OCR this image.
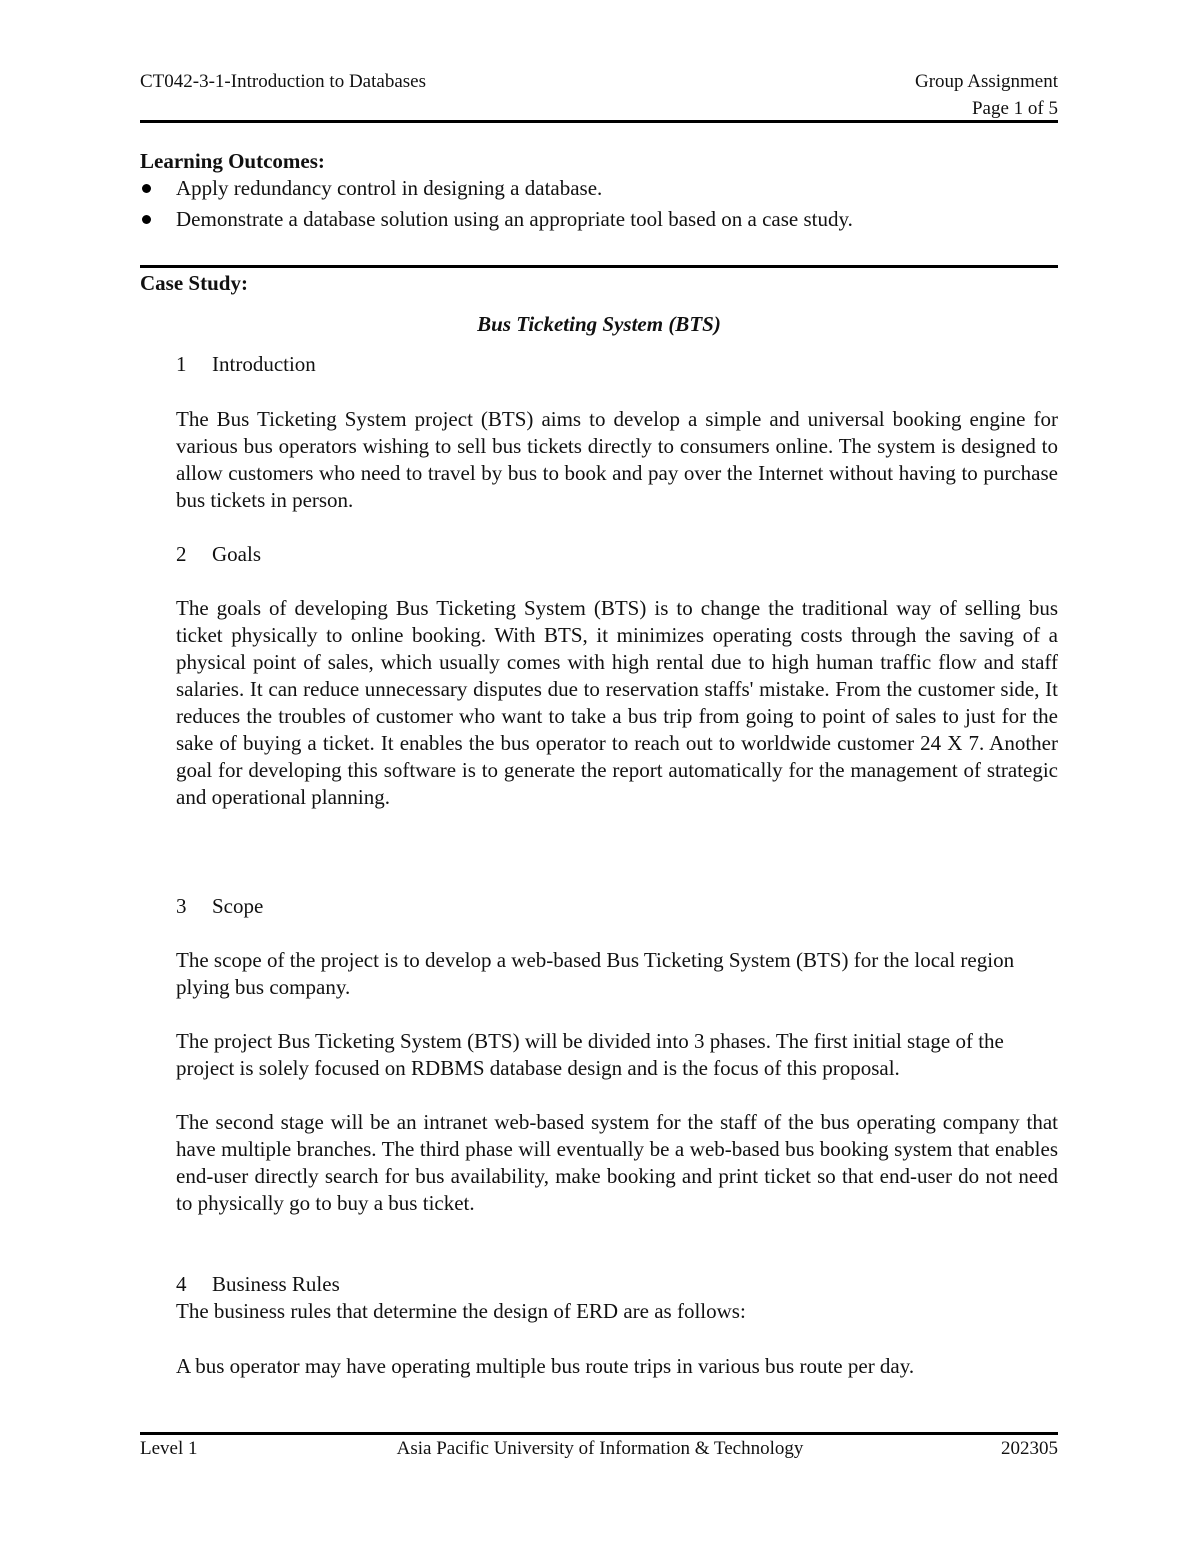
CT042-3-1-Introduction to Databases	Group Assignment
Page 1 of 5
Learning Outcomes:
Apply redundancy control in designing a database.
Demonstrate a database solution using an appropriate tool based on a case study.
Case Study:
Bus Ticketing System (BTS)
1 Introduction

The Bus Ticketing System project (BTS) aims to develop a simple and universal booking engine for various bus operators wishing to sell bus tickets directly to consumers online. The system is designed to allow customers who need to travel by bus to book and pay over the Internet without having to purchase bus tickets in person.

2 Goals

The goals of developing Bus Ticketing System (BTS) is to change the traditional way of selling bus ticket physically to online booking. With BTS, it minimizes operating costs through the saving of a physical point of sales, which usually comes with high rental due to high human traffic flow and staff salaries. It can reduce unnecessary disputes due to reservation staffs' mistake. From the customer side, It reduces the troubles of customer who want to take a bus trip from going to point of sales to just for the sake of buying a ticket. It enables the bus operator to reach out to worldwide customer 24 X 7. Another goal for developing this software is to generate the report automatically for the management of strategic and operational planning.

3 Scope

The scope of the project is to develop a web-based Bus Ticketing System (BTS) for the local region plying bus company.

The project Bus Ticketing System (BTS) will be divided into 3 phases. The first initial stage of the project is solely focused on RDBMS database design and is the focus of this proposal.

The second stage will be an intranet web-based system for the staff of the bus operating company that have multiple branches. The third phase will eventually be a web-based bus booking system that enables end-user directly search for bus availability, make booking and print ticket so that end-user do not need to physically go to buy a bus ticket.

4 Business Rules

The business rules that determine the design of ERD are as follows:

A bus operator may have operating multiple bus route trips in various bus route per day.

Level 1	Asia Pacific University of Information & Technology	202305
